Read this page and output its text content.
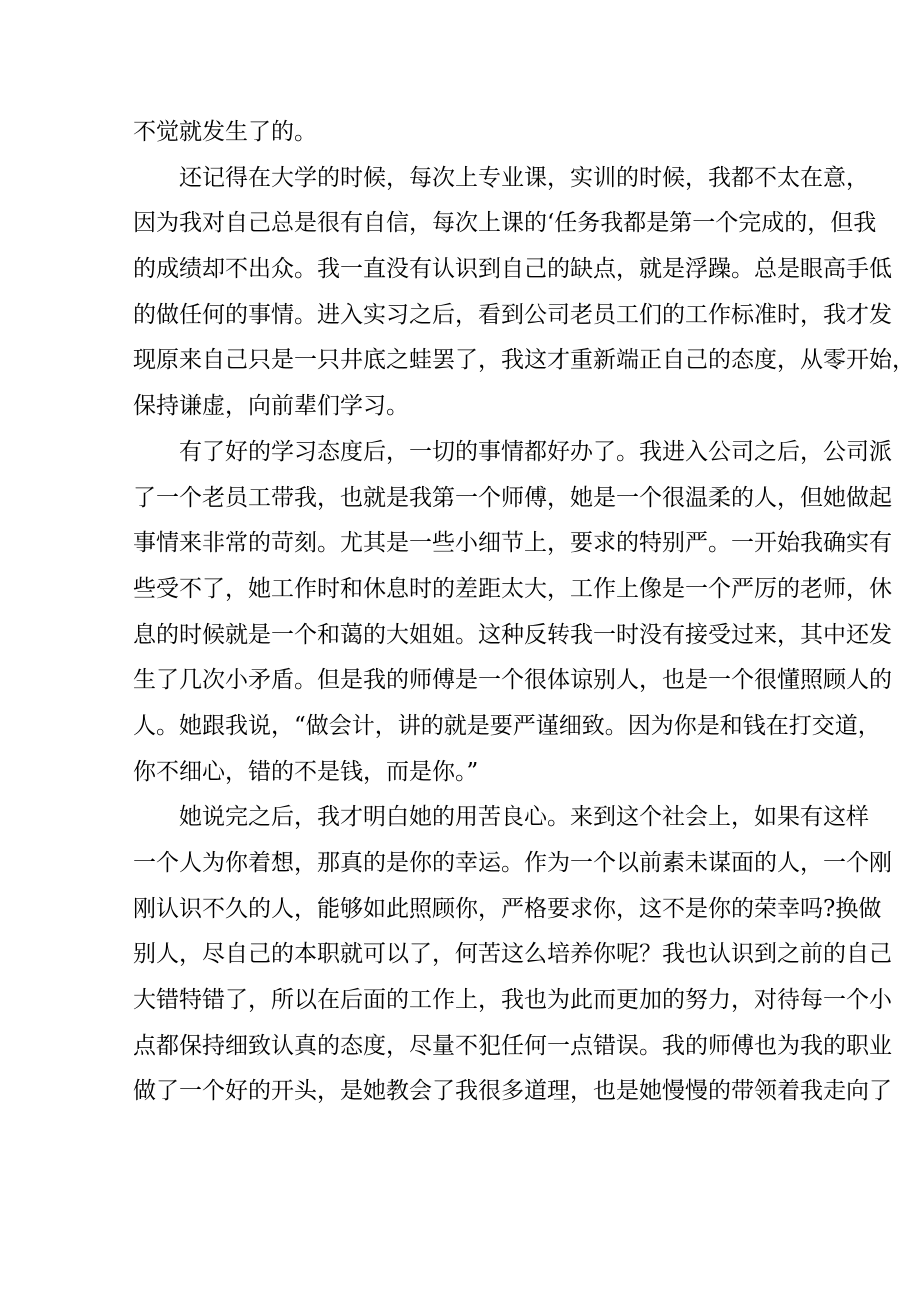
不觉就发生了的。
还记得在大学的时候，每次上专业课，实训的时候，我都不太在意，
因为我对自己总是很有自信，每次上课的‘任务我都是第一个完成的，但我
的成绩却不出众。我一直没有认识到自己的缺点，就是浮躁。总是眼高手低
的做任何的事情。进入实习之后，看到公司老员工们的工作标准时，我才发
现原来自己只是一只井底之蛙罢了，我这才重新端正自己的态度，从零开始，
保持谦虚，向前辈们学习。
有了好的学习态度后，一切的事情都好办了。我进入公司之后，公司派
了一个老员工带我，也就是我第一个师傅，她是一个很温柔的人，但她做起
事情来非常的苛刻。尤其是一些小细节上，要求的特别严。一开始我确实有
些受不了，她工作时和休息时的差距太大，工作上像是一个严厉的老师，休
息的时候就是一个和蔼的大姐姐。这种反转我一时没有接受过来，其中还发
生了几次小矛盾。但是我的师傅是一个很体谅别人，也是一个很懂照顾人的
人。她跟我说，“做会计，讲的就是要严谨细致。因为你是和钱在打交道，
你不细心，错的不是钱，而是你。”
她说完之后，我才明白她的用苦良心。来到这个社会上，如果有这样
一个人为你着想，那真的是你的幸运。作为一个以前素未谋面的人，一个刚
刚认识不久的人，能够如此照顾你，严格要求你，这不是你的荣幸吗?换做
别人，尽自己的本职就可以了，何苦这么培养你呢？我也认识到之前的自己
大错特错了，所以在后面的工作上，我也为此而更加的努力，对待每一个小
点都保持细致认真的态度，尽量不犯任何一点错误。我的师傅也为我的职业
做了一个好的开头，是她教会了我很多道理，也是她慢慢的带领着我走向了
